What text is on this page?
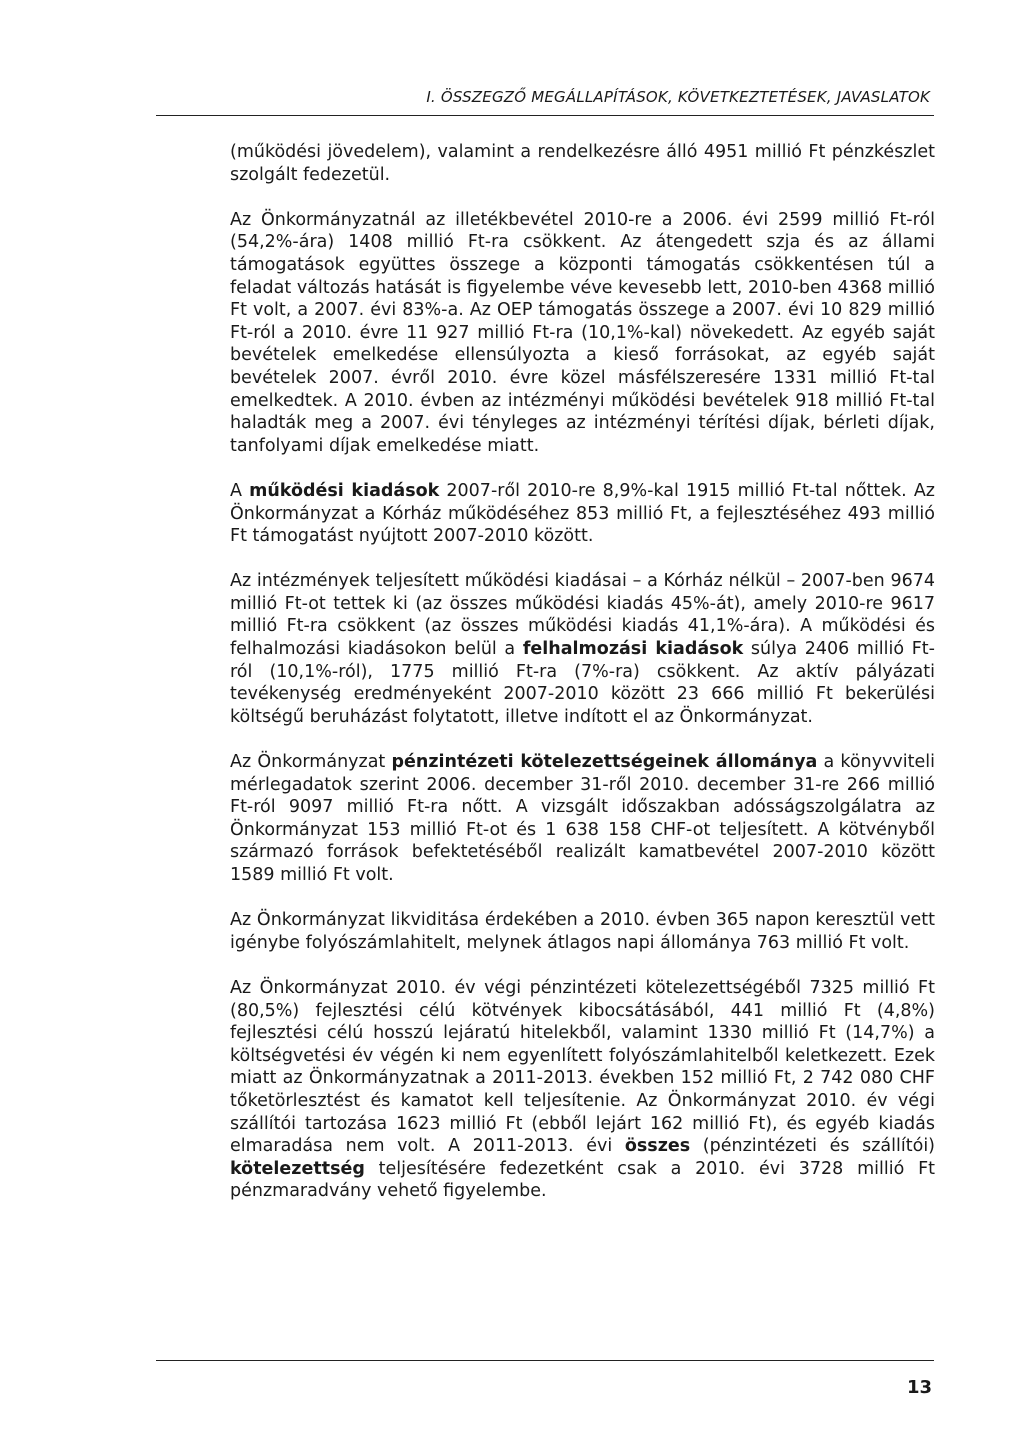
I. ÖSSZEGZŐ MEGÁLLAPÍTÁSOK, KÖVETKEZTETÉSEK, JAVASLATOK

(működési jövedelem), valamint a rendelkezésre álló 4951 millió Ft pénzkészlet szolgált fedezetül.

Az Önkormányzatnál az illetékbevétel 2010-re a 2006. évi 2599 millió Ft-ról (54,2%-ára) 1408 millió Ft-ra csökkent. Az átengedett szja és az állami támogatások együttes összege a központi támogatás csökkentésen túl a feladat változás hatását is figyelembe véve kevesebb lett, 2010-ben 4368 millió Ft volt, a 2007. évi 83%-a. Az OEP támogatás összege a 2007. évi 10 829 millió Ft-ról a 2010. évre 11 927 millió Ft-ra (10,1%-kal) növekedett. Az egyéb saját bevételek emelkedése ellensúlyozta a kieső forrásokat, az egyéb saját bevételek 2007. évről 2010. évre közel másfélszeresére 1331 millió Ft-tal emelkedtek. A 2010. évben az intézményi működési bevételek 918 millió Ft-tal haladták meg a 2007. évi tényleges az intézményi térítési díjak, bérleti díjak, tanfolyami díjak emelkedése miatt.

A működési kiadások 2007-ről 2010-re 8,9%-kal 1915 millió Ft-tal nőttek. Az Önkormányzat a Kórház működéséhez 853 millió Ft, a fejlesztéséhez 493 millió Ft támogatást nyújtott 2007-2010 között.

Az intézmények teljesített működési kiadásai – a Kórház nélkül – 2007-ben 9674 millió Ft-ot tettek ki (az összes működési kiadás 45%-át), amely 2010-re 9617 millió Ft-ra csökkent (az összes működési kiadás 41,1%-ára). A működési és felhalmozási kiadásokon belül a felhalmozási kiadások súlya 2406 millió Ft-ról (10,1%-ról), 1775 millió Ft-ra (7%-ra) csökkent. Az aktív pályázati tevékenység eredményeként 2007-2010 között 23 666 millió Ft bekerülési költségű beruházást folytatott, illetve indított el az Önkormányzat.

Az Önkormányzat pénzintézeti kötelezettségeinek állománya a könyvviteli mérlegadatok szerint 2006. december 31-ről 2010. december 31-re 266 millió Ft-ról 9097 millió Ft-ra nőtt. A vizsgált időszakban adósságszolgálatra az Önkormányzat 153 millió Ft-ot és 1 638 158 CHF-ot teljesített. A kötvényből származó források befektetéséből realizált kamatbevétel 2007-2010 között 1589 millió Ft volt.

Az Önkormányzat likviditása érdekében a 2010. évben 365 napon keresztül vett igénybe folyószámlahitelt, melynek átlagos napi állománya 763 millió Ft volt.

Az Önkormányzat 2010. év végi pénzintézeti kötelezettségéből 7325 millió Ft (80,5%) fejlesztési célú kötvények kibocsátásából, 441 millió Ft (4,8%) fejlesztési célú hosszú lejáratú hitelekből, valamint 1330 millió Ft (14,7%) a költségvetési év végén ki nem egyenlített folyószámlahitelből keletkezett. Ezek miatt az Önkormányzatnak a 2011-2013. években 152 millió Ft, 2 742 080 CHF tőketörlesztést és kamatot kell teljesítenie. Az Önkormányzat 2010. év végi szállítói tartozása 1623 millió Ft (ebből lejárt 162 millió Ft), és egyéb kiadás elmaradása nem volt. A 2011-2013. évi összes (pénzintézeti és szállítói) kötelezettség teljesítésére fedezetként csak a 2010. évi 3728 millió Ft pénzmaradvány vehető figyelembe.

13
